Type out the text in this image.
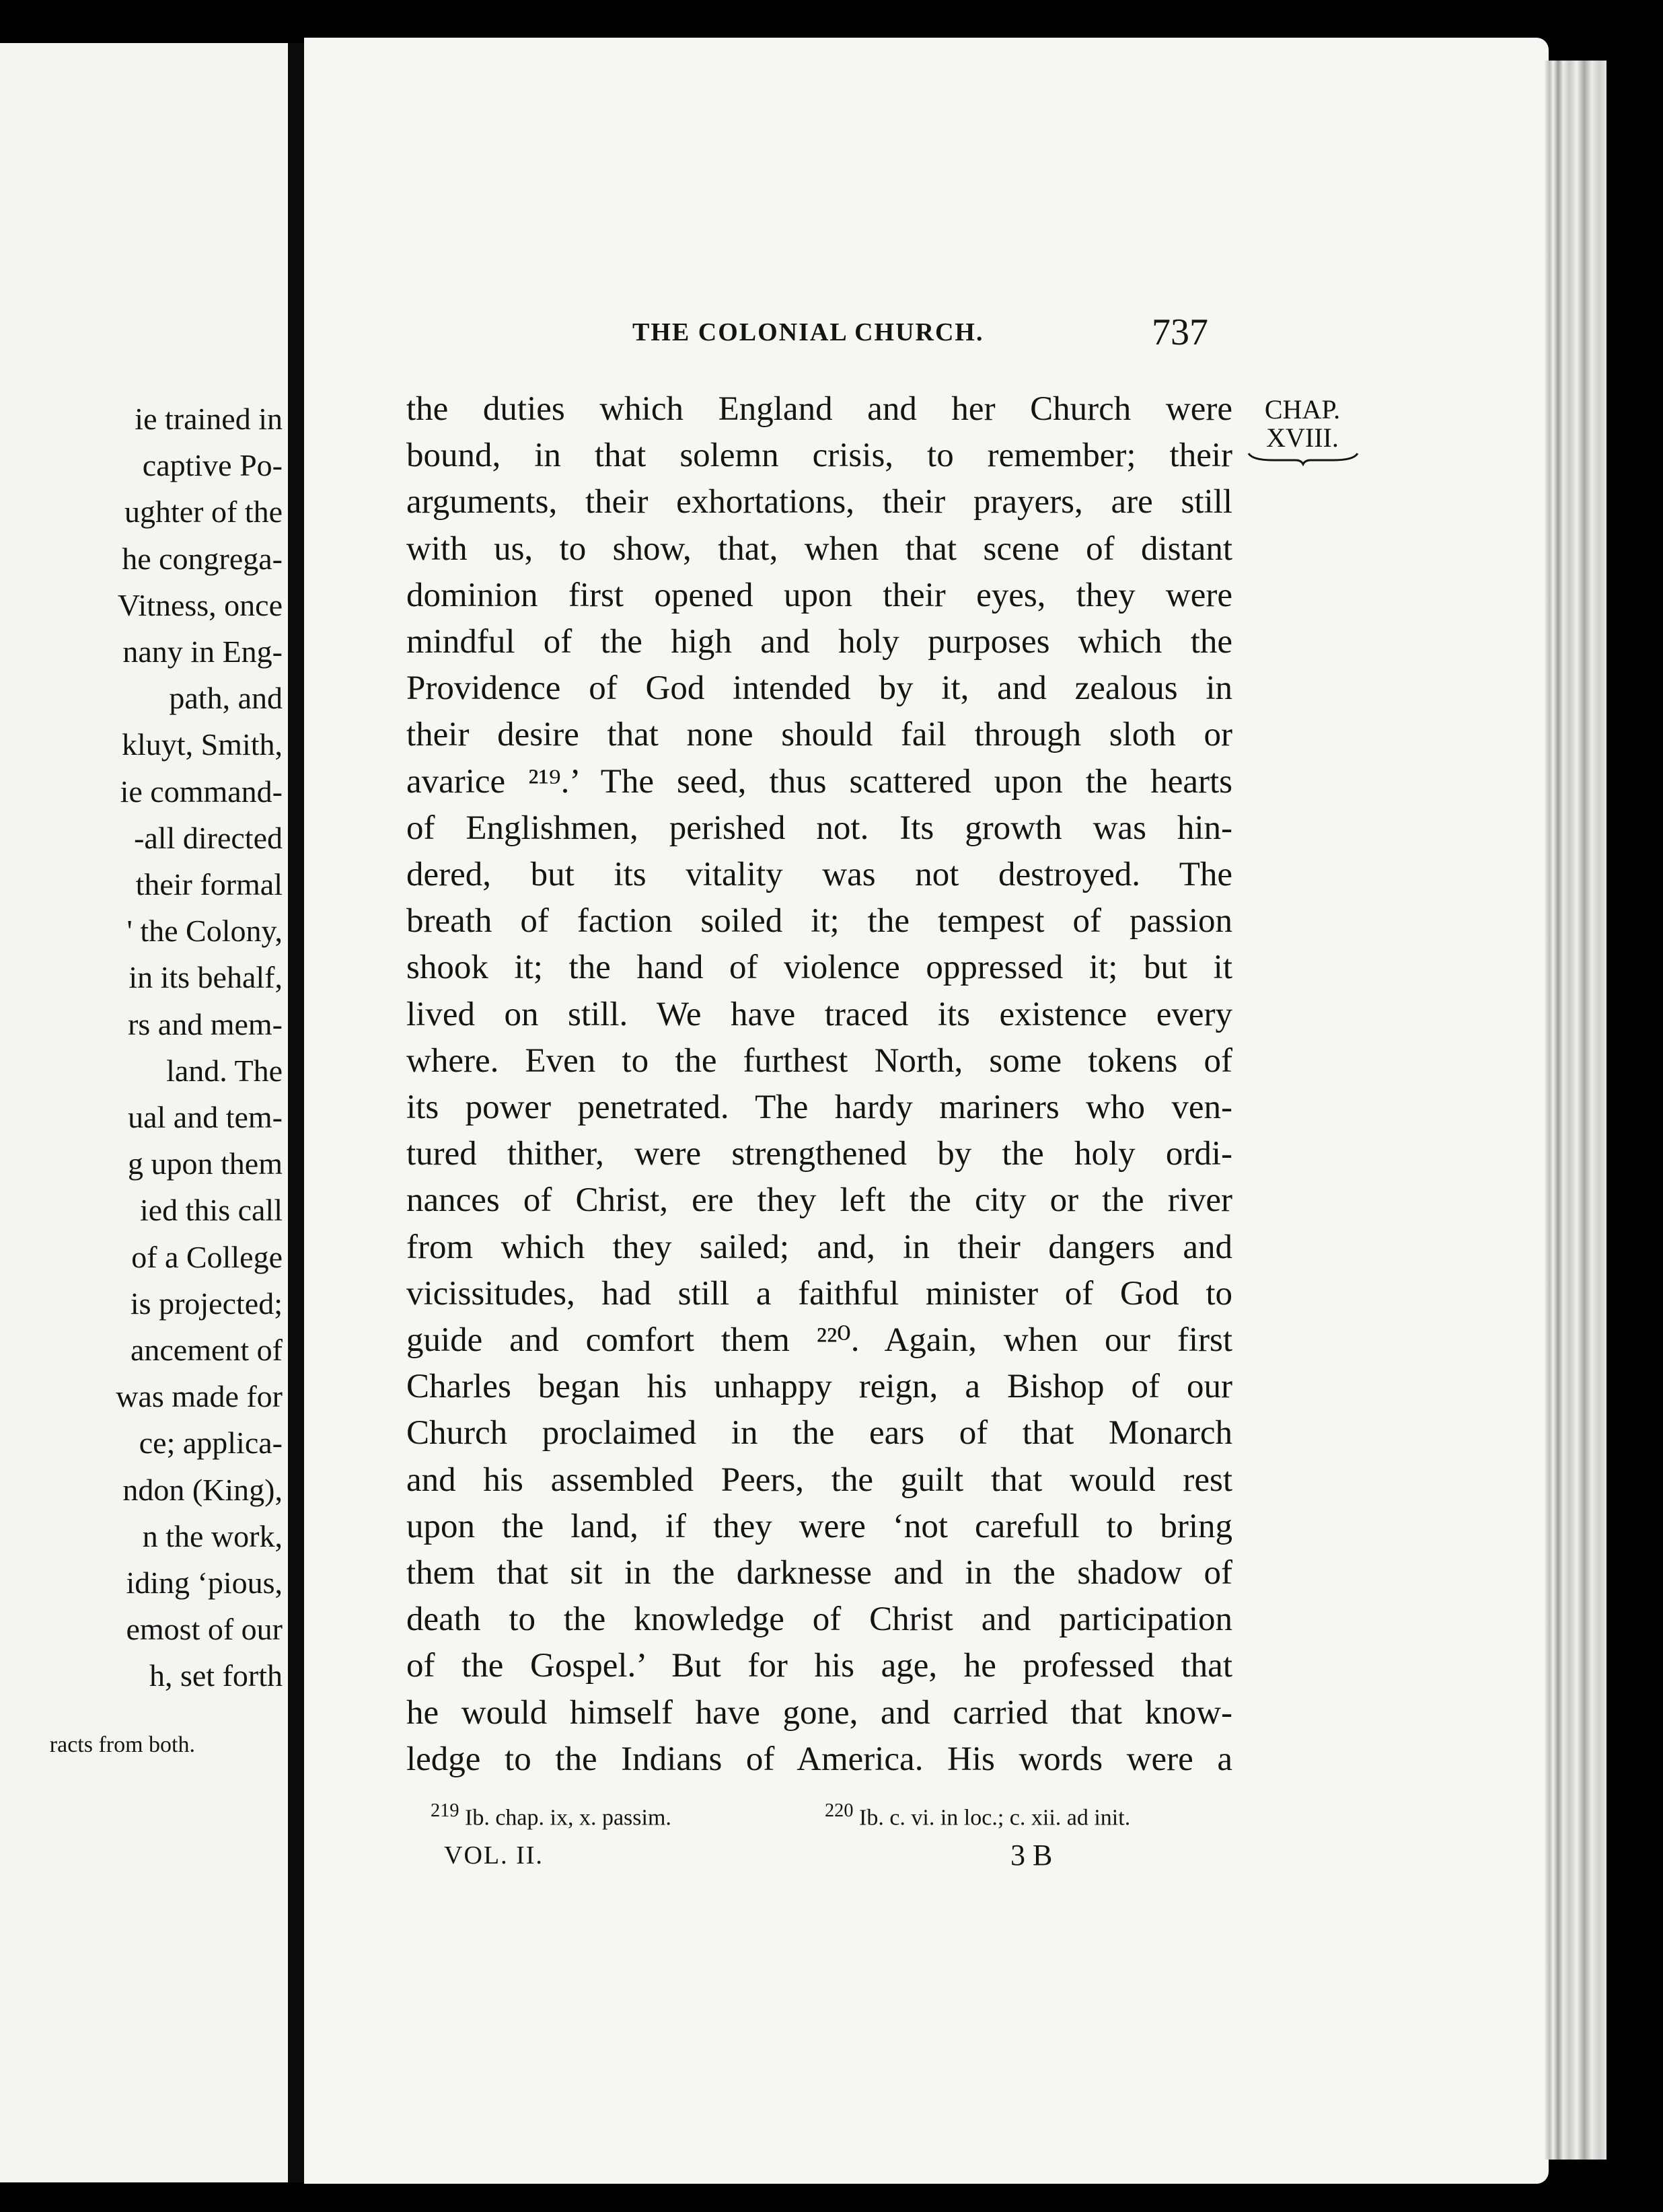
ie trained in
captive Po-
ughter of the
he congrega-
Vitness, once
nany in Eng-
path, and
kluyt, Smith,
ie command-
-all directed
their formal
' the Colony,
in its behalf,
rs and mem-
land. The
ual and tem-
g upon them
ied this call
of a College
is projected;
ancement of
was made for
ce; applica-
ndon (King),
n the work,
iding ‘pious,
emost of our
h, set forth
racts from both.
THE COLONIAL CHURCH.	737
CHAP.
XVIII.
the duties which England and her Church were
bound, in that solemn crisis, to remember; their
arguments, their exhortations, their prayers, are still
with us, to show, that, when that scene of distant
dominion first opened upon their eyes, they were
mindful of the high and holy purposes which the
Providence of God intended by it, and zealous in
their desire that none should fail through sloth or
avarice ²¹⁹.’ The seed, thus scattered upon the hearts
of Englishmen, perished not. Its growth was hin-
dered, but its vitality was not destroyed. The
breath of faction soiled it; the tempest of passion
shook it; the hand of violence oppressed it; but it
lived on still. We have traced its existence every
where. Even to the furthest North, some tokens of
its power penetrated. The hardy mariners who ven-
tured thither, were strengthened by the holy ordi-
nances of Christ, ere they left the city or the river
from which they sailed; and, in their dangers and
vicissitudes, had still a faithful minister of God to
guide and comfort them ²²⁰. Again, when our first
Charles began his unhappy reign, a Bishop of our
Church proclaimed in the ears of that Monarch
and his assembled Peers, the guilt that would rest
upon the land, if they were ‘not carefull to bring
them that sit in the darknesse and in the shadow of
death to the knowledge of Christ and participation
of the Gospel.’ But for his age, he professed that
he would himself have gone, and carried that know-
ledge to the Indians of America. His words were a
$^{219}$ Ib. chap. ix, x. passim.	$^{220}$ Ib. c. vi. in loc.; c. xii. ad init.
VOL. II.	3 B
